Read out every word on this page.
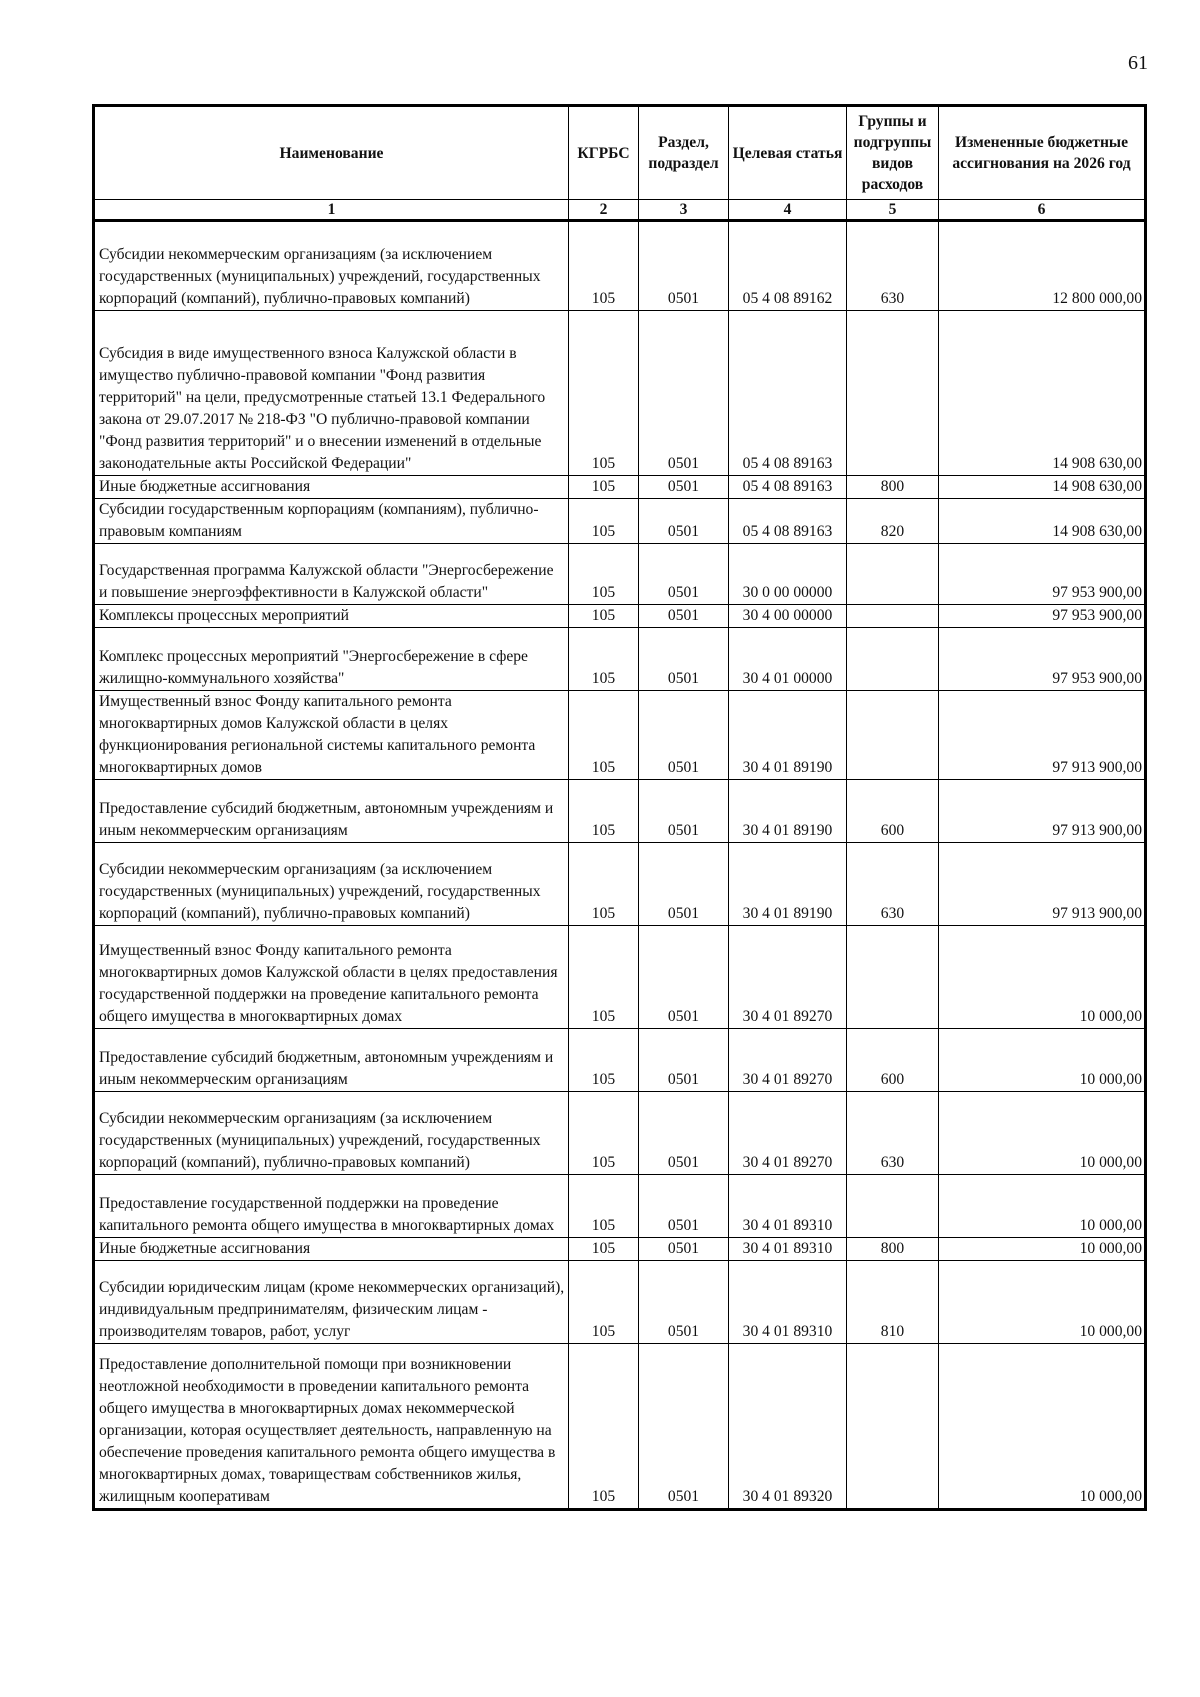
61
Наименование	КГРБС	Раздел, подраздел	Целевая статья	Группы и подгруппы видов расходов	Измененные бюджетные ассигнования на 2026 год
1	2	3	4	5	6
Субсидии некоммерческим организациям (за исключением государственных (муниципальных) учреждений, государственных корпораций (компаний), публично-правовых компаний)	105	0501	05 4 08 89162	630	12 800 000,00
Субсидия в виде имущественного взноса Калужской области в имущество публично-правовой компании "Фонд развития территорий" на цели, предусмотренные статьей 13.1 Федерального закона от 29.07.2017 № 218-ФЗ "О публично-правовой компании "Фонд развития территорий" и о внесении изменений в отдельные законодательные акты Российской Федерации"	105	0501	05 4 08 89163		14 908 630,00
Иные бюджетные ассигнования	105	0501	05 4 08 89163	800	14 908 630,00
Субсидии государственным корпорациям (компаниям), публично-правовым компаниям	105	0501	05 4 08 89163	820	14 908 630,00
Государственная программа Калужской области "Энергосбережение и повышение энергоэффективности в Калужской области"	105	0501	30 0 00 00000		97 953 900,00
Комплексы процессных мероприятий	105	0501	30 4 00 00000		97 953 900,00
Комплекс процессных мероприятий "Энергосбережение в сфере жилищно-коммунального хозяйства"	105	0501	30 4 01 00000		97 953 900,00
Имущественный взнос Фонду капитального ремонта многоквартирных домов Калужской области в целях функционирования региональной системы капитального ремонта многоквартирных домов	105	0501	30 4 01 89190		97 913 900,00
Предоставление субсидий бюджетным, автономным учреждениям и иным некоммерческим организациям	105	0501	30 4 01 89190	600	97 913 900,00
Субсидии некоммерческим организациям (за исключением государственных (муниципальных) учреждений, государственных корпораций (компаний), публично-правовых компаний)	105	0501	30 4 01 89190	630	97 913 900,00
Имущественный взнос Фонду капитального ремонта многоквартирных домов Калужской области в целях предоставления государственной поддержки на проведение капитального ремонта общего имущества в многоквартирных домах	105	0501	30 4 01 89270		10 000,00
Предоставление субсидий бюджетным, автономным учреждениям и иным некоммерческим организациям	105	0501	30 4 01 89270	600	10 000,00
Субсидии некоммерческим организациям (за исключением государственных (муниципальных) учреждений, государственных корпораций (компаний), публично-правовых компаний)	105	0501	30 4 01 89270	630	10 000,00
Предоставление государственной поддержки на проведение капитального ремонта общего имущества в многоквартирных домах	105	0501	30 4 01 89310		10 000,00
Иные бюджетные ассигнования	105	0501	30 4 01 89310	800	10 000,00
Субсидии юридическим лицам (кроме некоммерческих организаций), индивидуальным предпринимателям, физическим лицам - производителям товаров, работ, услуг	105	0501	30 4 01 89310	810	10 000,00
Предоставление дополнительной помощи при возникновении неотложной необходимости в проведении капитального ремонта общего имущества в многоквартирных домах некоммерческой организации, которая осуществляет деятельность, направленную на обеспечение проведения капитального ремонта общего имущества в многоквартирных домах, товариществам собственников жилья, жилищным кооперативам	105	0501	30 4 01 89320		10 000,00
